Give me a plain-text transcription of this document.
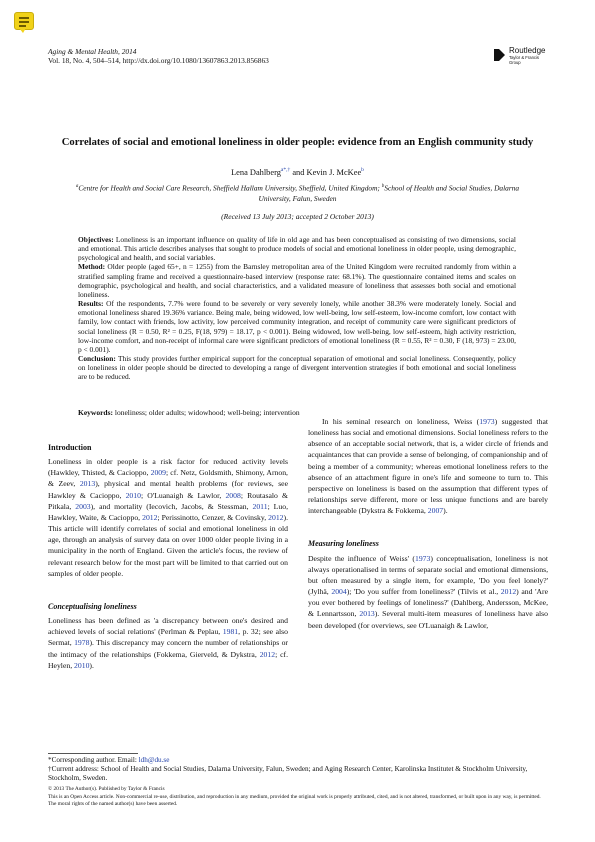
Aging & Mental Health, 2014
Vol. 18, No. 4, 504–514, http://dx.doi.org/10.1080/13607863.2013.856863
Routledge
Taylor & Francis Group
Correlates of social and emotional loneliness in older people: evidence from an English community study
Lena Dahlberg$^{a*,\dagger}$ and Kevin J. McKee$^b$
$^a$Centre for Health and Social Care Research, Sheffield Hallam University, Sheffield, United Kingdom; $^b$School of Health and Social Studies, Dalarna University, Falun, Sweden
(Received 13 July 2013; accepted 2 October 2013)

Objectives: Loneliness is an important influence on quality of life in old age and has been conceptualised as consisting of two dimensions, social and emotional. This article describes analyses that sought to produce models of social and emotional loneliness in older people, using demographic, psychological and health, and social variables.

Method: Older people (aged 65+, n = 1255) from the Barnsley metropolitan area of the United Kingdom were recruited randomly from within a stratified sampling frame and received a questionnaire-based interview (response rate: 68.1%). The questionnaire contained items and scales on demographic, psychological and health, and social characteristics, and a validated measure of loneliness that assesses both social and emotional loneliness.

Results: Of the respondents, 7.7% were found to be severely or very severely lonely, while another 38.3% were moderately lonely. Social and emotional loneliness shared 19.36% variance. Being male, being widowed, low well-being, low self-esteem, low-income comfort, low contact with family, low contact with friends, low activity, low perceived community integration, and receipt of community care were significant predictors of social loneliness (R = 0.50, R² = 0.25, F(18, 979) = 18.17, p < 0.001). Being widowed, low well-being, low self-esteem, high activity restriction, low-income comfort, and non-receipt of informal care were significant predictors of emotional loneliness (R = 0.55, R² = 0.30, F (18, 973) = 23.00, p < 0.001).

Conclusion: This study provides further empirical support for the conceptual separation of emotional and social loneliness. Consequently, policy on loneliness in older people should be directed to developing a range of divergent intervention strategies if both emotional and social loneliness are to be reduced.

Keywords: loneliness; older adults; widowhood; well-being; intervention
Introduction

Loneliness in older people is a risk factor for reduced activity levels (Hawkley, Thisted, & Cacioppo, 2009; cf. Netz, Goldsmith, Shimony, Arnon, & Zeev, 2013), physical and mental health problems (for reviews, see Hawkley & Cacioppo, 2010; O'Luanaigh & Lawlor, 2008; Routasalo & Pitkala, 2003), and mortality (Iecovich, Jacobs, & Stessman, 2011; Luo, Hawkley, Waite, & Cacioppo, 2012; Perissinotto, Cenzer, & Covinsky, 2012). This article will identify correlates of social and emotional loneliness in old age, through an analysis of survey data on over 1000 older people living in a municipality in the north of England. Given the article's focus, the review of relevant research below for the most part will be limited to that carried out on samples of older people.

Conceptualising loneliness

Loneliness has been defined as 'a discrepancy between one's desired and achieved levels of social relations' (Perlman & Peplau, 1981, p. 32; see also Sermat, 1978). This discrepancy may concern the number of relationships or the intimacy of the relationships (Fokkema, Gierveld, & Dykstra, 2012; cf. Heylen, 2010).

In his seminal research on loneliness, Weiss (1973) suggested that loneliness has social and emotional dimensions. Social loneliness refers to the absence of an acceptable social network, that is, a wider circle of friends and acquaintances that can provide a sense of belonging, of companionship and of being a member of a community; whereas emotional loneliness refers to the absence of an attachment figure in one's life and someone to turn to. This perspective on loneliness is based on the assumption that different types of relationships serve different, more or less unique functions and are barely interchangeable (Dykstra & Fokkema, 2007).

Measuring loneliness

Despite the influence of Weiss' (1973) conceptualisation, loneliness is not always operationalised in terms of separate social and emotional dimensions, but often measured by a single item, for example, 'Do you feel lonely?' (Jylhä, 2004); 'Do you suffer from loneliness?' (Tilvis et al., 2012) and 'Are you ever bothered by feelings of loneliness?' (Dahlberg, Andersson, McKee, & Lennartsson, 2013). Several multi-item measures of loneliness have also been developed (for overviews, see O'Luanaigh & Lawlor,

*Corresponding author. Email: ldh@du.se
†Current address: School of Health and Social Studies, Dalarna University, Falun, Sweden; and Aging Research Center, Karolinska Institutet & Stockholm University, Stockholm, Sweden.
© 2013 The Author(s). Published by Taylor & Francis
This is an Open Access article. Non-commercial re-use, distribution, and reproduction in any medium, provided the original work is properly attributed, cited, and is not altered, transformed, or built upon in any way, is permitted. The moral rights of the named author(s) have been asserted.
